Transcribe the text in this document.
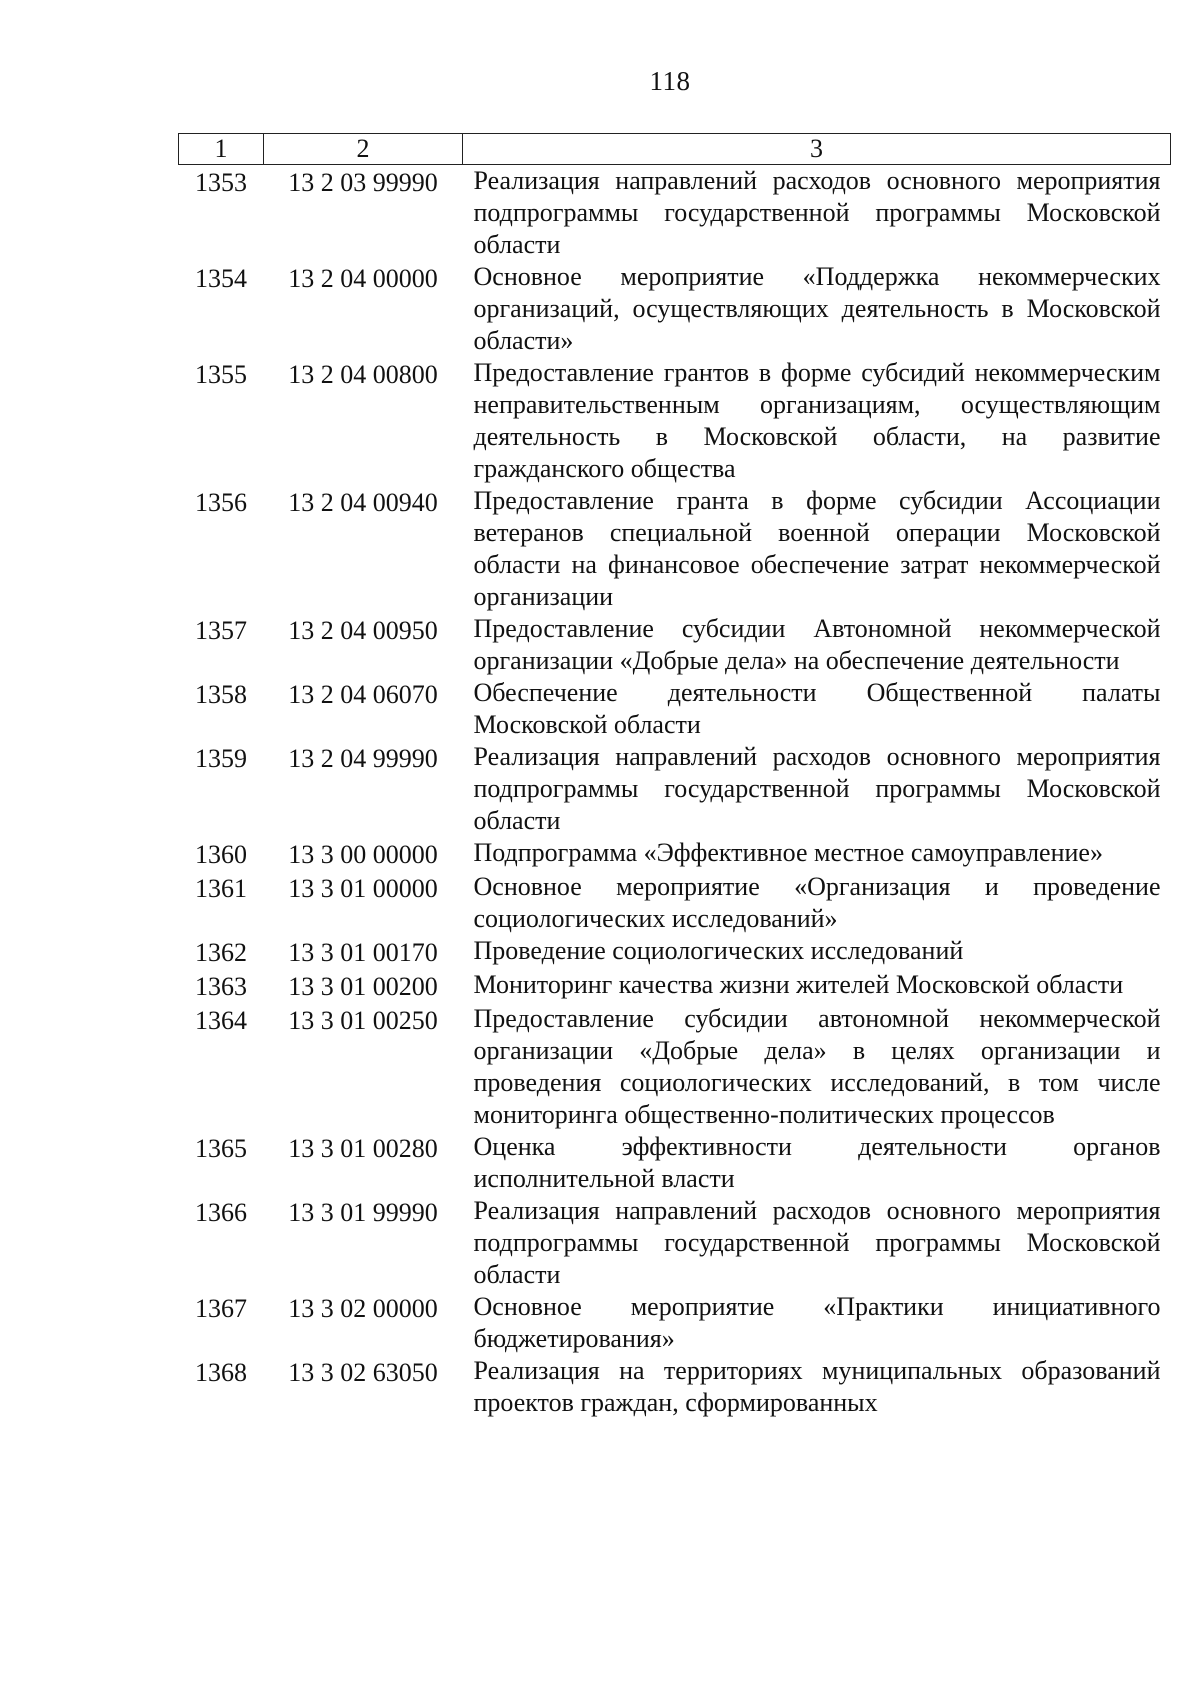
118
1	2	3
1353	13 2 03 99990	Реализация направлений расходов основного мероприятия подпрограммы государственной программы Московской области
1354	13 2 04 00000	Основное мероприятие «Поддержка некоммерческих организаций, осуществляющих деятельность в Московской области»
1355	13 2 04 00800	Предоставление грантов в форме субсидий некоммерческим неправительственным организациям, осуществляющим деятельность в Московской области, на развитие гражданского общества
1356	13 2 04 00940	Предоставление гранта в форме субсидии Ассоциации ветеранов специальной военной операции Московской области на финансовое обеспечение затрат некоммерческой организации
1357	13 2 04 00950	Предоставление субсидии Автономной некоммерческой организации «Добрые дела» на обеспечение деятельности
1358	13 2 04 06070	Обеспечение деятельности Общественной палаты Московской области
1359	13 2 04 99990	Реализация направлений расходов основного мероприятия подпрограммы государственной программы Московской области
1360	13 3 00 00000	Подпрограмма «Эффективное местное самоуправление»
1361	13 3 01 00000	Основное мероприятие «Организация и проведение социологических исследований»
1362	13 3 01 00170	Проведение социологических исследований
1363	13 3 01 00200	Мониторинг качества жизни жителей Московской области
1364	13 3 01 00250	Предоставление субсидии автономной некоммерческой организации «Добрые дела» в целях организации и проведения социологических исследований, в том числе мониторинга общественно-политических процессов
1365	13 3 01 00280	Оценка эффективности деятельности органов исполнительной власти
1366	13 3 01 99990	Реализация направлений расходов основного мероприятия подпрограммы государственной программы Московской области
1367	13 3 02 00000	Основное мероприятие «Практики инициативного бюджетирования»
1368	13 3 02 63050	Реализация на территориях муниципальных образований проектов граждан, сформированных
